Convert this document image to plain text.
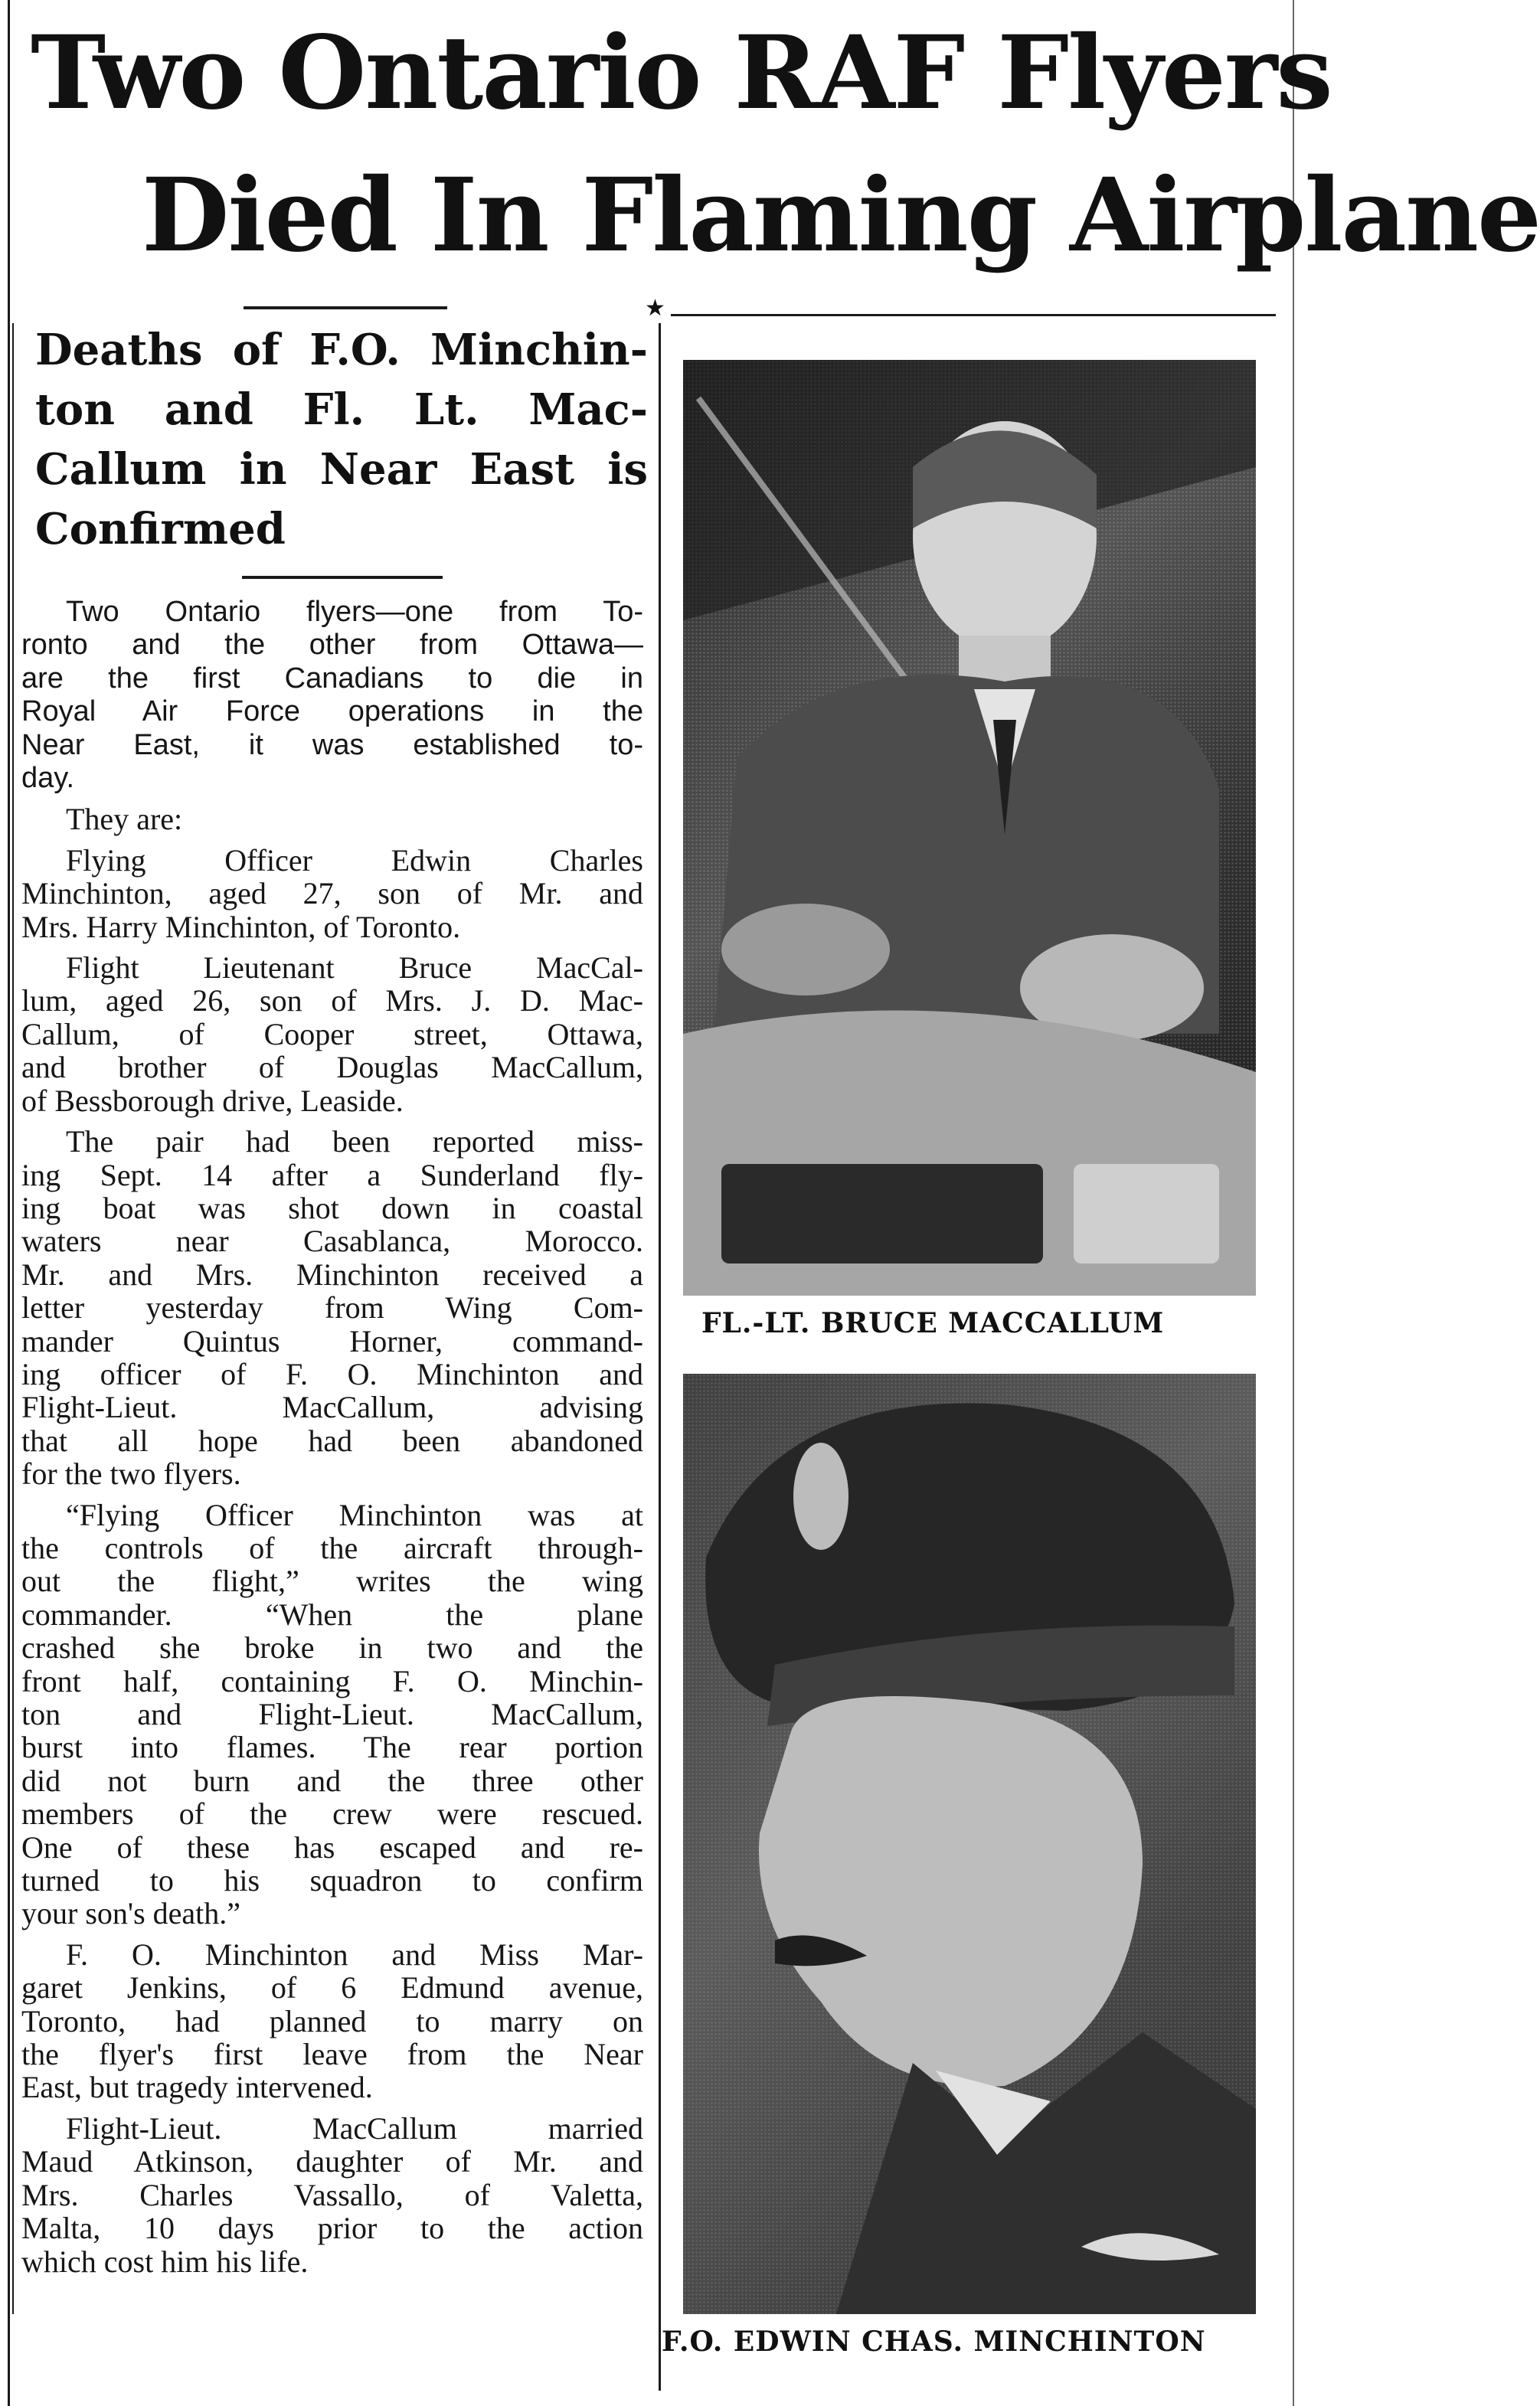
Two Ontario RAF Flyers
Died In Flaming Airplane
★
Deaths of F.O. Minchin-
ton and Fl. Lt. Mac-
Callum in Near East is
Confirmed
Two Ontario flyers—one from To-
ronto and the other from Ottawa—
are the first Canadians to die in
Royal Air Force operations in the
Near East, it was established to-
day.
They are:
Flying Officer Edwin Charles
Minchinton, aged 27, son of Mr. and
Mrs. Harry Minchinton, of Toronto.
Flight Lieutenant Bruce MacCal-
lum, aged 26, son of Mrs. J. D. Mac-
Callum, of Cooper street, Ottawa,
and brother of Douglas MacCallum,
of Bessborough drive, Leaside.
The pair had been reported miss-
ing Sept. 14 after a Sunderland fly-
ing boat was shot down in coastal
waters near Casablanca, Morocco.
Mr. and Mrs. Minchinton received a
letter yesterday from Wing Com-
mander Quintus Horner, command-
ing officer of F. O. Minchinton and
Flight-Lieut. MacCallum, advising
that all hope had been abandoned
for the two flyers.
“Flying Officer Minchinton was at
the controls of the aircraft through-
out the flight,” writes the wing
commander. “When the plane
crashed she broke in two and the
front half, containing F. O. Minchin-
ton and Flight-Lieut. MacCallum,
burst into flames. The rear portion
did not burn and the three other
members of the crew were rescued.
One of these has escaped and re-
turned to his squadron to confirm
your son's death.”
F. O. Minchinton and Miss Mar-
garet Jenkins, of 6 Edmund avenue,
Toronto, had planned to marry on
the flyer's first leave from the Near
East, but tragedy intervened.
Flight-Lieut. MacCallum married
Maud Atkinson, daughter of Mr. and
Mrs. Charles Vassallo, of Valetta,
Malta, 10 days prior to the action
which cost him his life.
FL.-LT. BRUCE MACCALLUM
F.O. EDWIN CHAS. MINCHINTON
